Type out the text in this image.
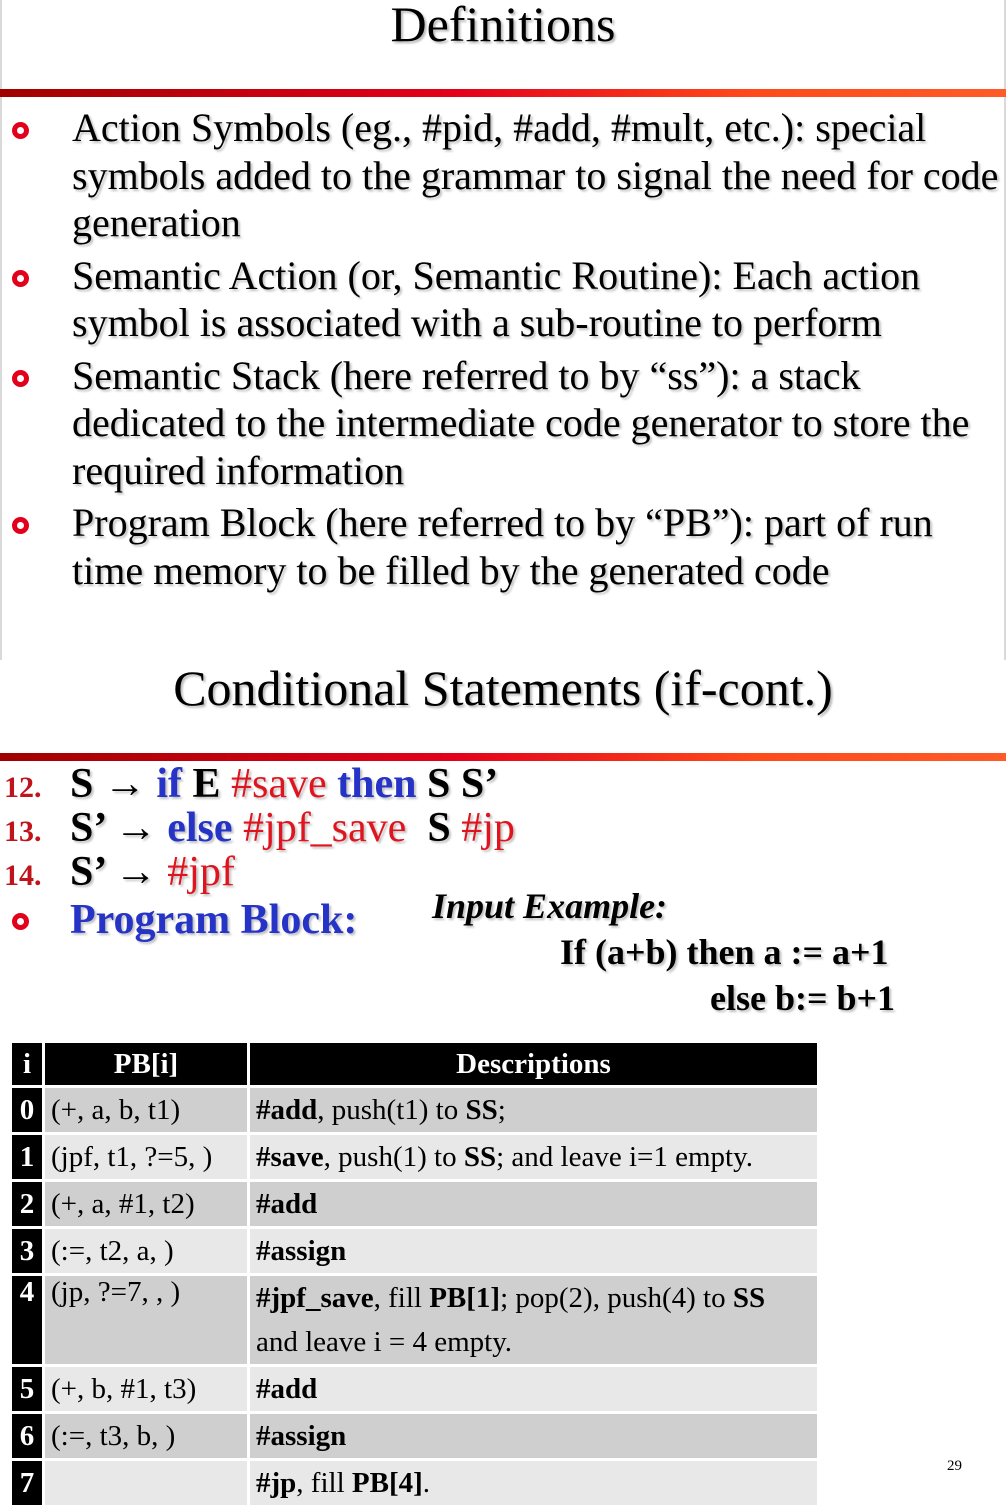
Definitions
Action Symbols (eg., #pid, #add, #mult, etc.): special symbols added to the grammar to signal the need for code generation
Semantic Action (or, Semantic Routine): Each action symbol is associated with a sub-routine to perform
Semantic Stack (here referred to by “ss”): a stack dedicated to the intermediate code generator to store the required information
Program Block (here referred to by “PB”): part of run time memory to be filled by the generated code
Conditional Statements (if-cont.)
12. S → if E #save then S S’
13. S’ → else #jpf_save  S #jp
14. S’ → #jpf
Program Block: Input Example:
If (a+b) then a := a+1
else b:= b+1
i	PB[i]	Descriptions
0	(+, a, b, t1)	#add, push(t1) to SS;
1	(jpf, t1, ?=5, )	#save, push(1) to SS; and leave i=1 empty.
2	(+, a, #1, t2)	#add
3	(:=, t2, a, )	#assign
4	(jp, ?=7, , )	#jpf_save, fill PB[1]; pop(2), push(4) to SS and leave i = 4 empty.
5	(+, b, #1, t3)	#add
6	(:=, t3, b, )	#assign
7		#jp, fill PB[4].
29
